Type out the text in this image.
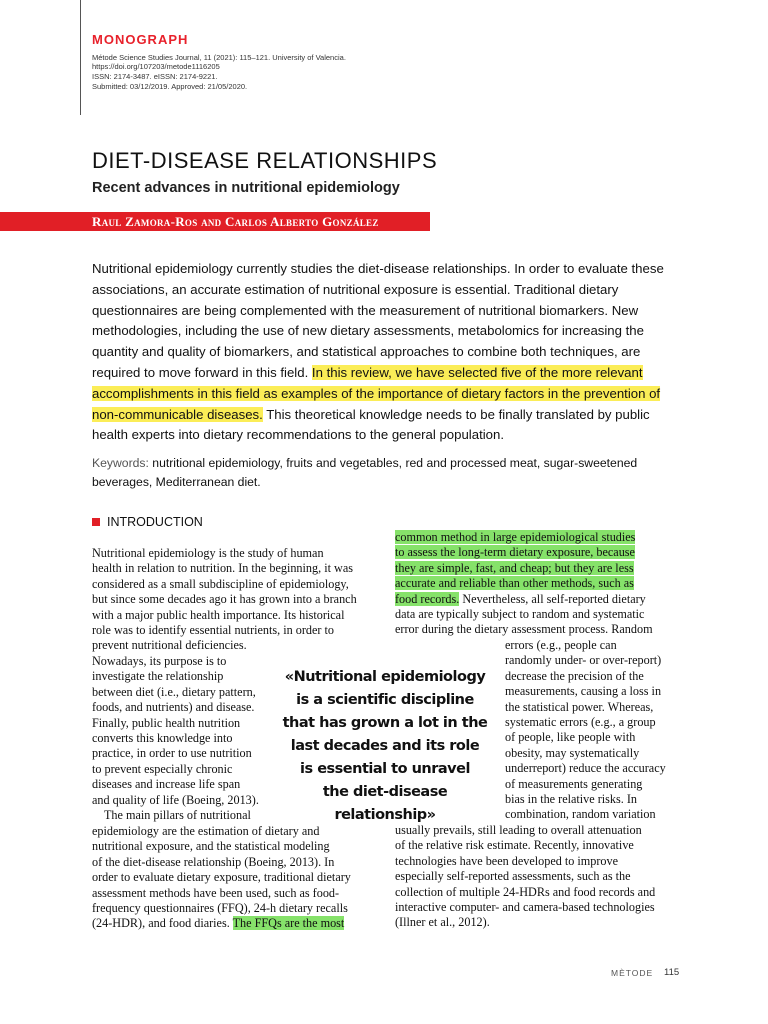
MONOGRAPH
Métode Science Studies Journal, 11 (2021): 115–121. University of Valencia.
https://doi.org/107203/metode1116205
ISSN: 2174-3487. eISSN: 2174-9221.
Submitted: 03/12/2019. Approved: 21/05/2020.
DIET-DISEASE RELATIONSHIPS
Recent advances in nutritional epidemiology
Raul Zamora-Ros and Carlos Alberto González
Nutritional epidemiology currently studies the diet-disease relationships. In order to evaluate these associations, an accurate estimation of nutritional exposure is essential. Traditional dietary questionnaires are being complemented with the measurement of nutritional biomarkers. New methodologies, including the use of new dietary assessments, metabolomics for increasing the quantity and quality of biomarkers, and statistical approaches to combine both techniques, are required to move forward in this field. In this review, we have selected five of the more relevant accomplishments in this field as examples of the importance of dietary factors in the prevention of non-communicable diseases. This theoretical knowledge needs to be finally translated by public health experts into dietary recommendations to the general population.
Keywords: nutritional epidemiology, fruits and vegetables, red and processed meat, sugar-sweetened beverages, Mediterranean diet.
INTRODUCTION
Nutritional epidemiology is the study of human
health in relation to nutrition. In the beginning, it was
considered as a small subdiscipline of epidemiology,
but since some decades ago it has grown into a branch
with a major public health importance. Its historical
role was to identify essential nutrients, in order to
prevent nutritional deficiencies.
Nowadays, its purpose is to
investigate the relationship
between diet (i.e., dietary pattern,
foods, and nutrients) and disease.
Finally, public health nutrition
converts this knowledge into
practice, in order to use nutrition
to prevent especially chronic
diseases and increase life span
and quality of life (Boeing, 2013).
The main pillars of nutritional
epidemiology are the estimation of dietary and
nutritional exposure, and the statistical modeling
of the diet-disease relationship (Boeing, 2013). In
order to evaluate dietary exposure, traditional dietary
assessment methods have been used, such as food-
frequency questionnaires (FFQ), 24-h dietary recalls
(24-HDR), and food diaries. The FFQs are the most
«Nutritional epidemiology
is a scientific discipline
that has grown a lot in the
last decades and its role
is essential to unravel
the diet-disease relationship»
common method in large epidemiological studies
to assess the long-term dietary exposure, because
they are simple, fast, and cheap; but they are less
accurate and reliable than other methods, such as
food records. Nevertheless, all self-reported dietary
data are typically subject to random and systematic
error during the dietary assessment process. Random
errors (e.g., people can
randomly under- or over-report)
decrease the precision of the
measurements, causing a loss in
the statistical power. Whereas,
systematic errors (e.g., a group
of people, like people with
obesity, may systematically
underreport) reduce the accuracy
of measurements generating
bias in the relative risks. In
combination, random variation
usually prevails, still leading to overall attenuation
of the relative risk estimate. Recently, innovative
technologies have been developed to improve
especially self-reported assessments, such as the
collection of multiple 24-HDRs and food records and
interactive computer- and camera-based technologies
(Illner et al., 2012).
MÈTODE 115
